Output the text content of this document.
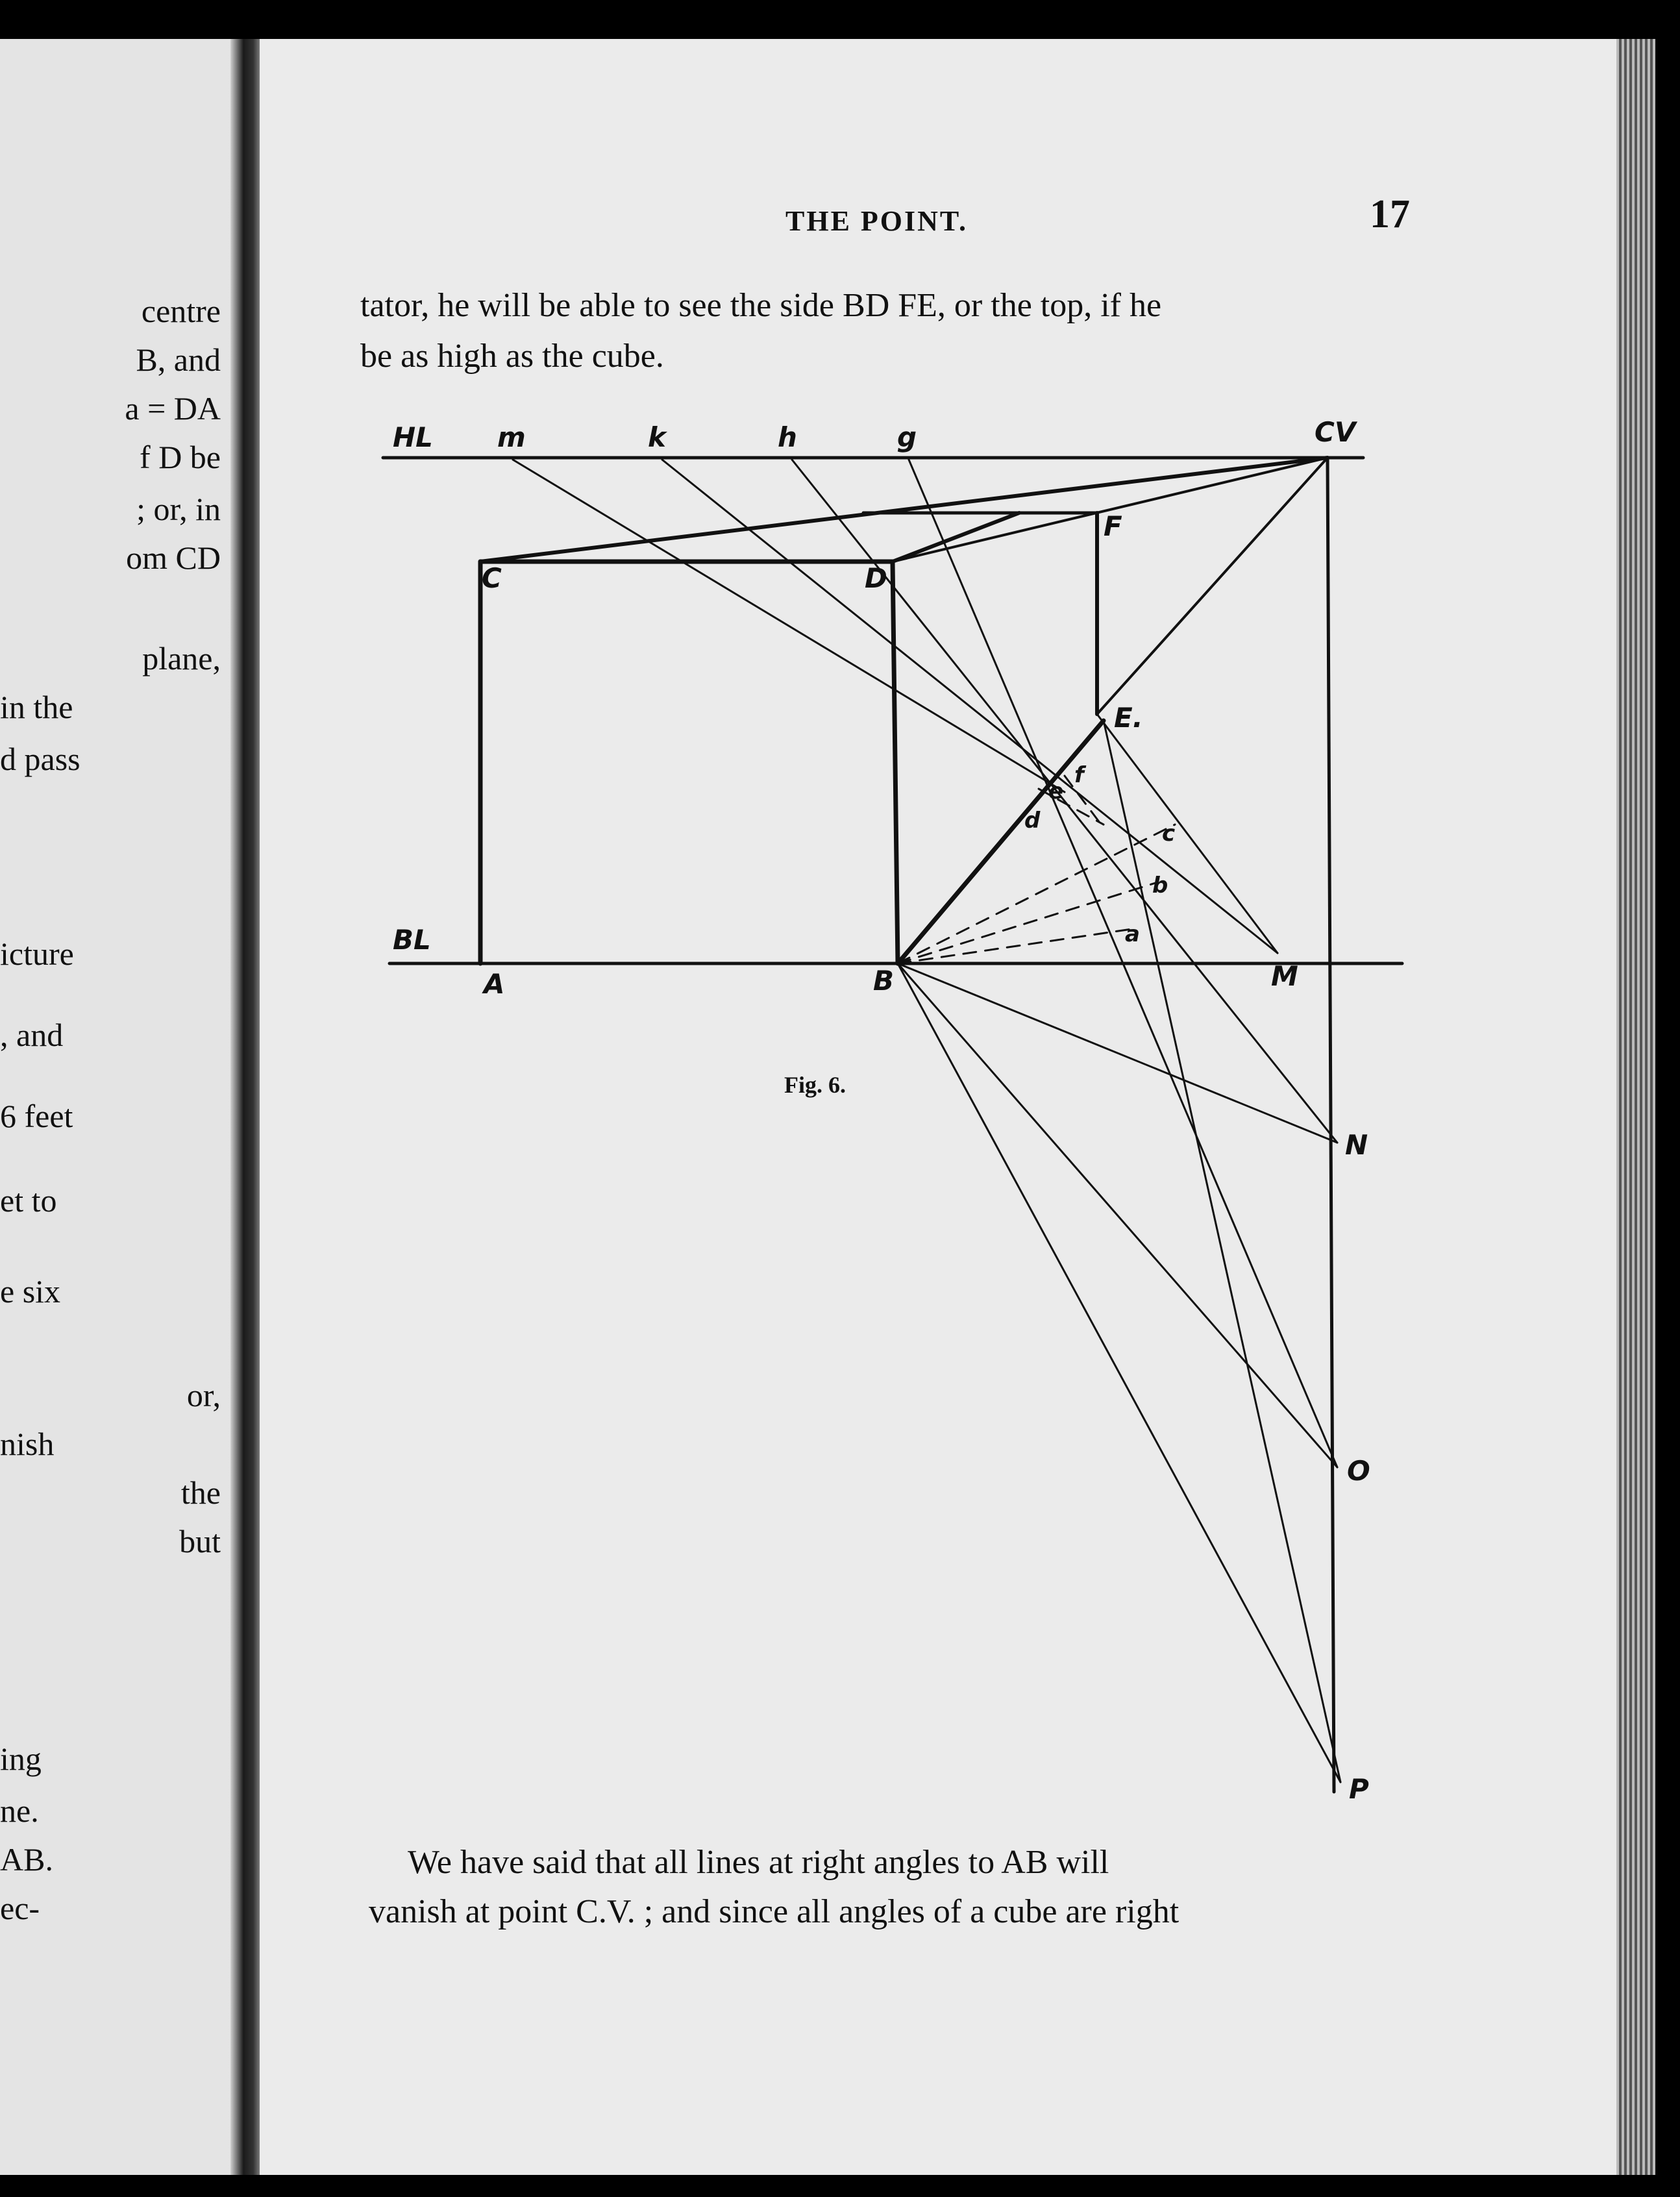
centre
B, and
a = DA
f D be
; or, in
om CD
plane,
in the
d pass
icture
, and
6 feet
et to
e six
or,
nish
the
but
ing
ne.
AB.
ec-
THE POINT.	17
tator, he will be able to see the side BD FE, or the top, if he
be as high as the cube.
HL m	k	h	g	CV
F
C	D
E.
e
f
d	c
b
a
BL
A	B	M
N
O
P
Fig. 6.
We have said that all lines at right angles to AB will
vanish at point C.V. ; and since all angles of a cube are right
